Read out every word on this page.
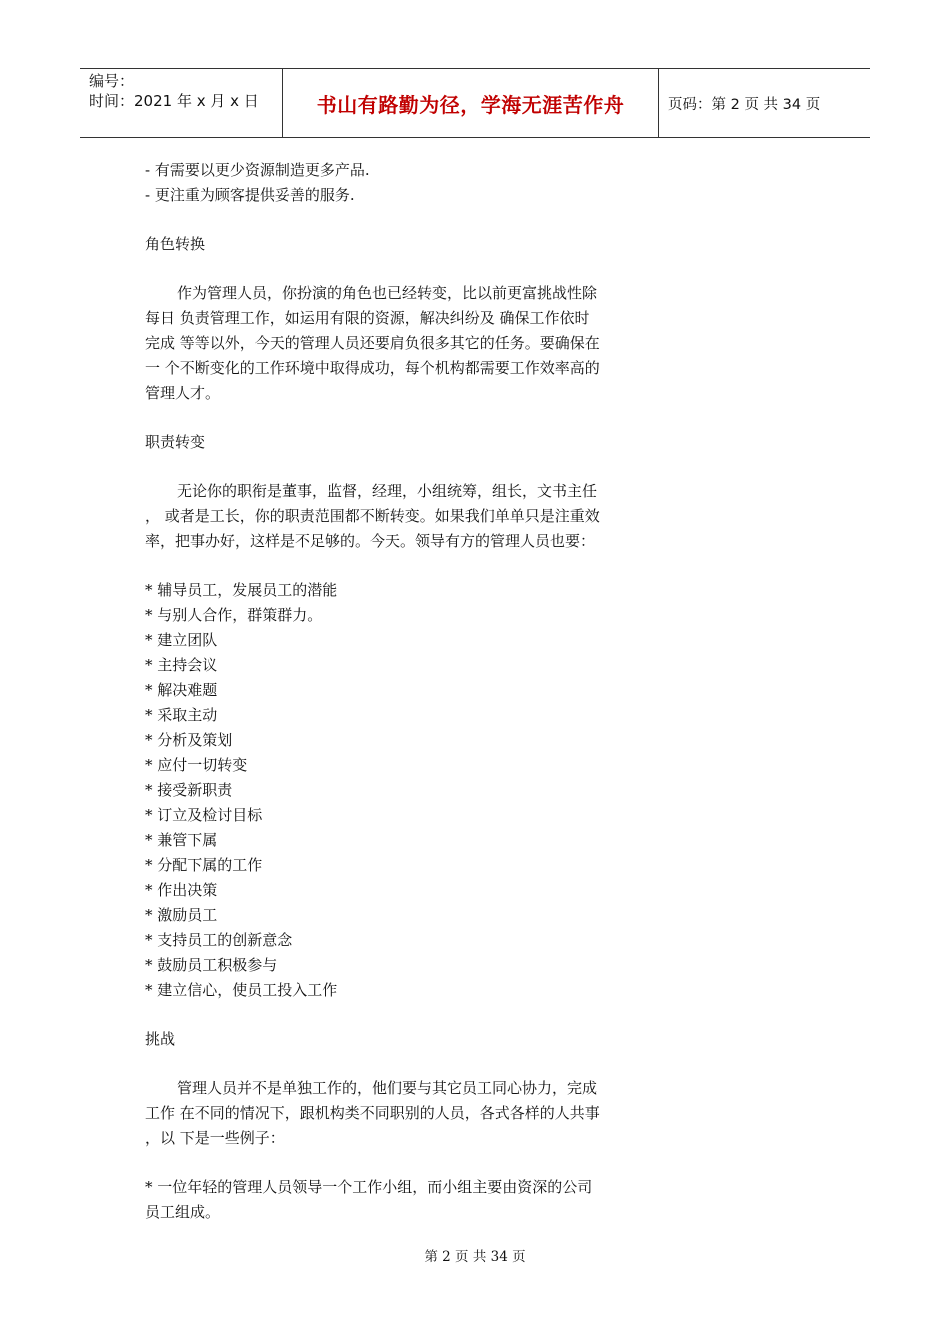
编号：
时间：2021 年 x 月 x 日	书山有路勤为径，学海无涯苦作舟	页码：第 2 页 共 34 页

- 有需要以更少资源制造更多产品.

- 更注重为顾客提供妥善的服务.

角色转换

作为管理人员，你扮演的角色也已经转变，比以前更富挑战性除

每日 负责管理工作，如运用有限的资源，解决纠纷及 确保工作依时

完成 等等以外，今天的管理人员还要肩负很多其它的任务。要确保在

一 个不断变化的工作环境中取得成功，每个机构都需要工作效率高的

管理人才。

职责转变

无论你的职衔是董事，监督，经理，小组统筹，组长，文书主任

， 或者是工长，你的职责范围都不断转变。如果我们单单只是注重效

率，把事办好，这样是不足够的。今天。领导有方的管理人员也要：

* 辅导员工，发展员工的潜能

* 与别人合作，群策群力。

* 建立团队

* 主持会议

* 解决难题

* 采取主动

* 分析及策划

* 应付一切转变

* 接受新职责

* 订立及检讨目标

* 兼管下属

* 分配下属的工作

* 作出决策

* 激励员工

* 支持员工的创新意念

* 鼓励员工积极参与

* 建立信心，使员工投入工作

挑战

管理人员并不是单独工作的，他们要与其它员工同心协力，完成

工作 在不同的情况下，跟机构类不同职别的人员，各式各样的人共事

，以 下是一些例子：

* 一位年轻的管理人员领导一个工作小组，而小组主要由资深的公司

员工组成。

第 2 页 共 34 页
